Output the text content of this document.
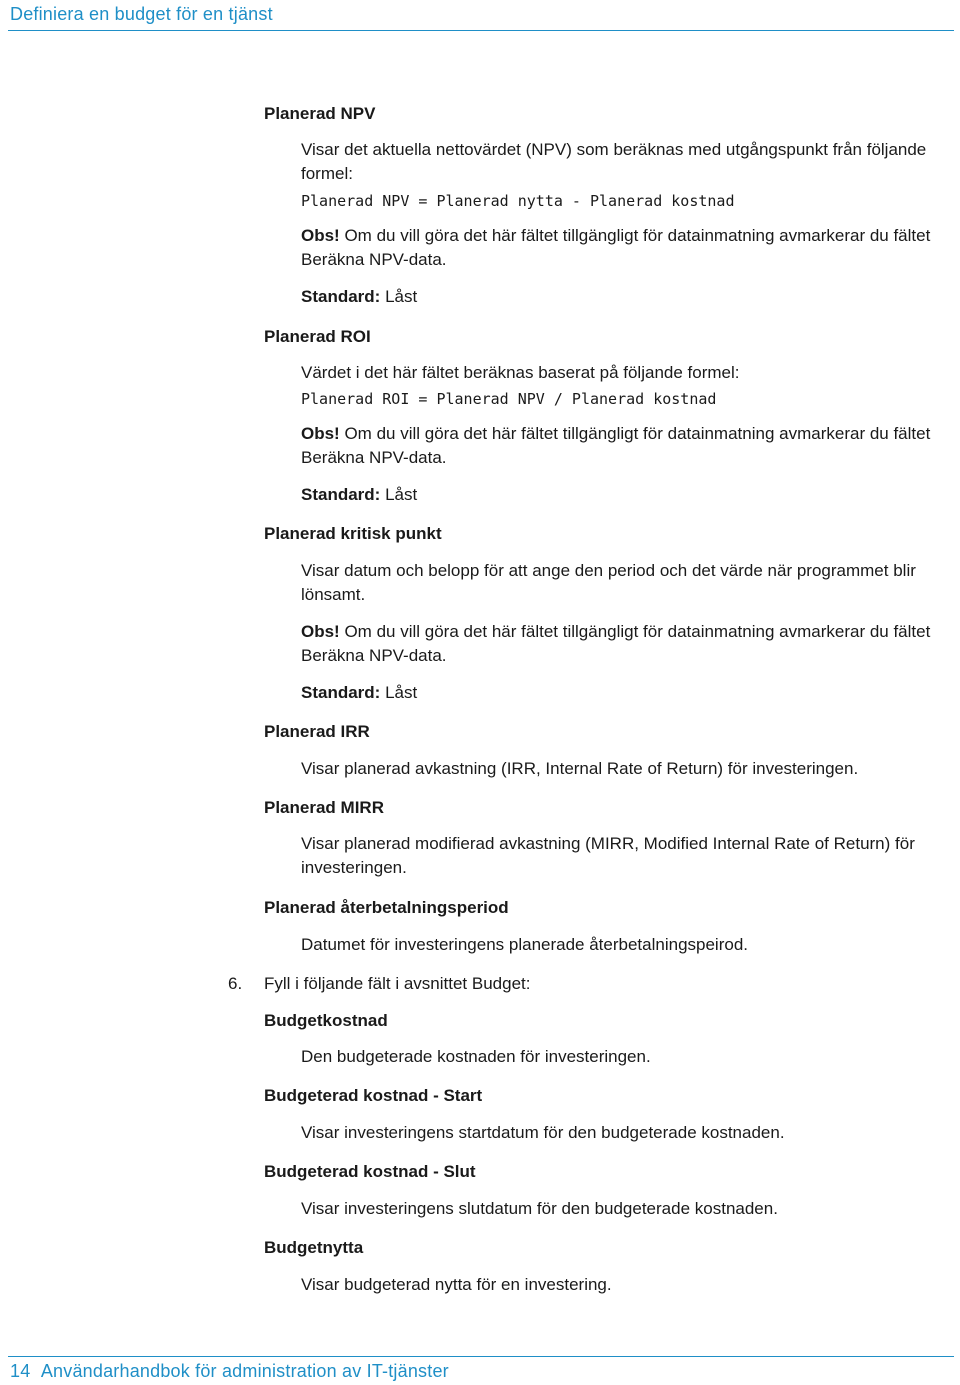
Definiera en budget för en tjänst
Planerad NPV
Visar det aktuella nettovärdet (NPV) som beräknas med utgångspunkt från följande formel:
Planerad NPV = Planerad nytta - Planerad kostnad
Obs! Om du vill göra det här fältet tillgängligt för datainmatning avmarkerar du fältet Beräkna NPV-data.
Standard: Låst
Planerad ROI
Värdet i det här fältet beräknas baserat på följande formel:
Planerad ROI = Planerad NPV / Planerad kostnad
Obs! Om du vill göra det här fältet tillgängligt för datainmatning avmarkerar du fältet Beräkna NPV-data.
Standard: Låst
Planerad kritisk punkt
Visar datum och belopp för att ange den period och det värde när programmet blir lönsamt.
Obs! Om du vill göra det här fältet tillgängligt för datainmatning avmarkerar du fältet Beräkna NPV-data.
Standard: Låst
Planerad IRR
Visar planerad avkastning (IRR, Internal Rate of Return) för investeringen.
Planerad MIRR
Visar planerad modifierad avkastning (MIRR, Modified Internal Rate of Return) för investeringen.
Planerad återbetalningsperiod
Datumet för investeringens planerade återbetalningspeirod.
6. Fyll i följande fält i avsnittet Budget:
Budgetkostnad
Den budgeterade kostnaden för investeringen.
Budgeterad kostnad - Start
Visar investeringens startdatum för den budgeterade kostnaden.
Budgeterad kostnad - Slut
Visar investeringens slutdatum för den budgeterade kostnaden.
Budgetnytta
Visar budgeterad nytta för en investering.
14 Användarhandbok för administration av IT-tjänster
